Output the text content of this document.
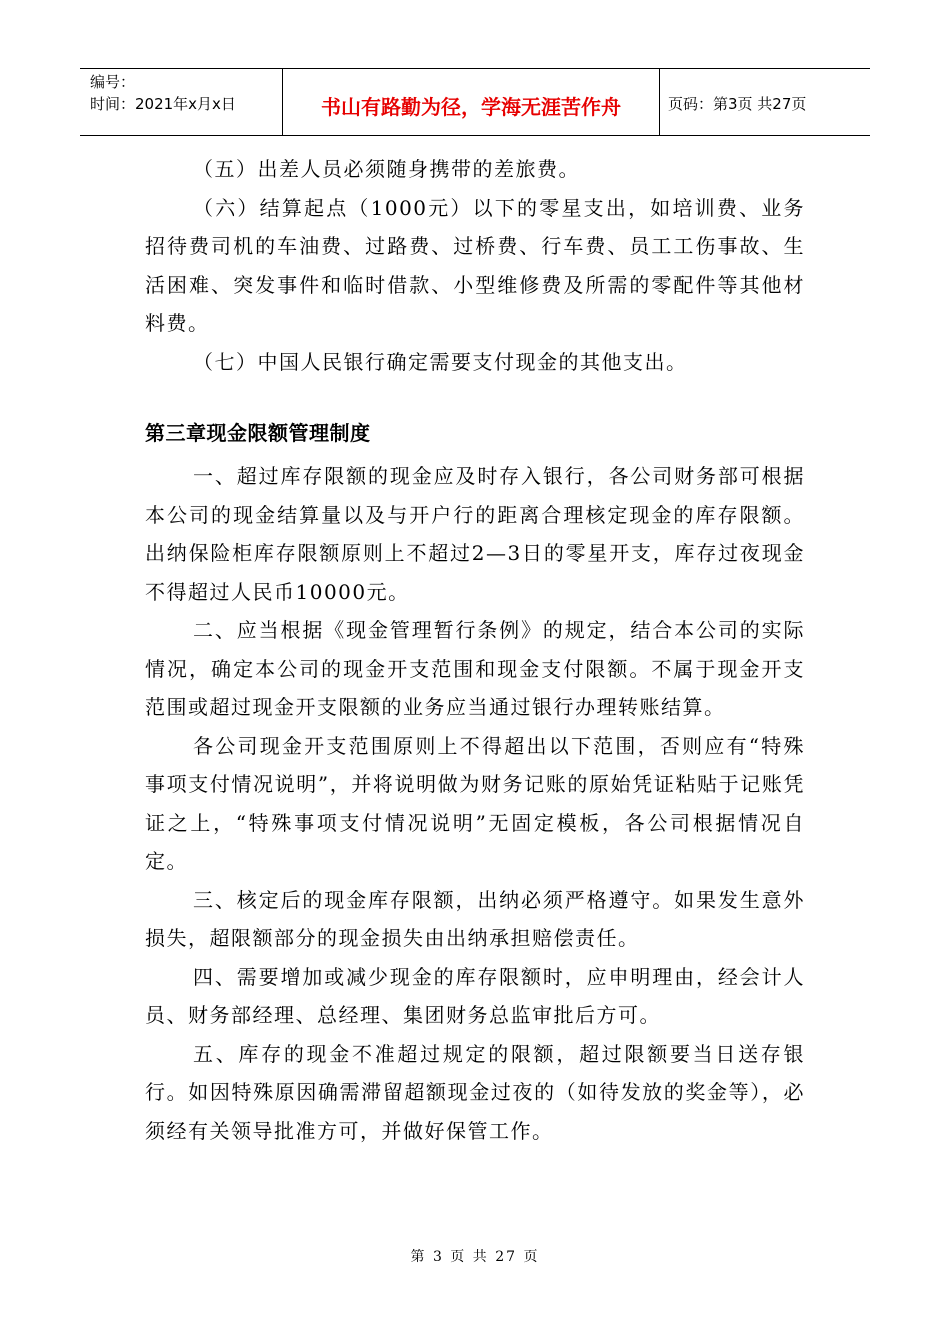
编号：
时间：2021年x月x日	书山有路勤为径，学海无涯苦作舟	页码：第3页 共27页

（五）出差人员必须随身携带的差旅费。

（六）结算起点（1000元）以下的零星支出，如培训费、业务招待费司机的车油费、过路费、过桥费、行车费、员工工伤事故、生活困难、突发事件和临时借款、小型维修费及所需的零配件等其他材料费。

（七）中国人民银行确定需要支付现金的其他支出。

第三章现金限额管理制度

一、超过库存限额的现金应及时存入银行，各公司财务部可根据本公司的现金结算量以及与开户行的距离合理核定现金的库存限额。出纳保险柜库存限额原则上不超过2—3日的零星开支，库存过夜现金不得超过人民币10000元。

二、应当根据《现金管理暂行条例》的规定，结合本公司的实际情况，确定本公司的现金开支范围和现金支付限额。不属于现金开支范围或超过现金开支限额的业务应当通过银行办理转账结算。

各公司现金开支范围原则上不得超出以下范围，否则应有“特殊事项支付情况说明”，并将说明做为财务记账的原始凭证粘贴于记账凭证之上，“特殊事项支付情况说明”无固定模板，各公司根据情况自定。

三、核定后的现金库存限额，出纳必须严格遵守。如果发生意外损失，超限额部分的现金损失由出纳承担赔偿责任。

四、需要增加或减少现金的库存限额时，应申明理由，经会计人员、财务部经理、总经理、集团财务总监审批后方可。

五、库存的现金不准超过规定的限额，超过限额要当日送存银行。如因特殊原因确需滞留超额现金过夜的（如待发放的奖金等），必须经有关领导批准方可，并做好保管工作。

第 3 页 共 27 页
